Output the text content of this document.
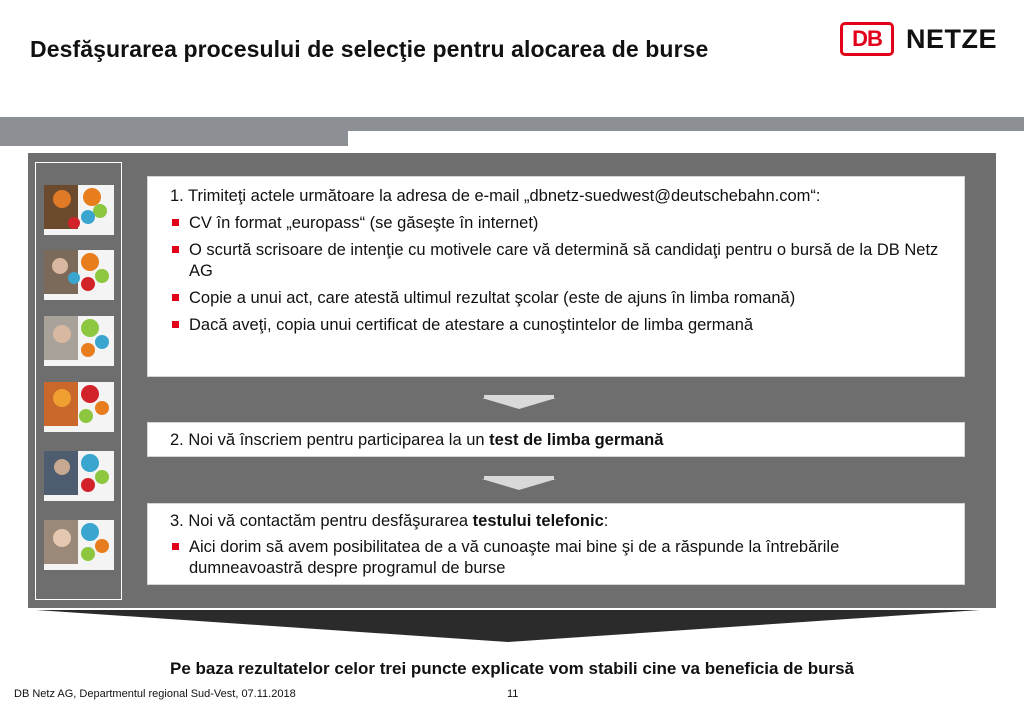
Desfăşurarea procesului de selecţie pentru alocarea de burse	DB NETZE

1. Trimiteţi actele următoare la adresa de e-mail „dbnetz-suedwest@deutschebahn.com“:

CV în format „europass“ (se găseşte în internet)
O scurtă scrisoare de intenţie cu motivele care vă determină să candidaţi pentru o bursă de la DB Netz AG
Copie a unui act, care atestă ultimul rezultat şcolar (este de ajuns în limba romană)
Dacă aveţi, copia unui certificat de atestare a cunoştintelor de limba germană
2. Noi vă înscriem pentru participarea la un test de limba germană

3. Noi vă contactăm pentru desfăşurarea testului telefonic:

Aici dorim să avem posibilitatea de a vă cunoaşte mai bine şi de a răspunde la întrebările dumneavoastră despre programul de burse
Pe baza rezultatelor celor trei puncte explicate vom stabili cine va beneficia de bursă
DB Netz AG, Departmentul regional Sud-Vest, 07.11.2018	11
